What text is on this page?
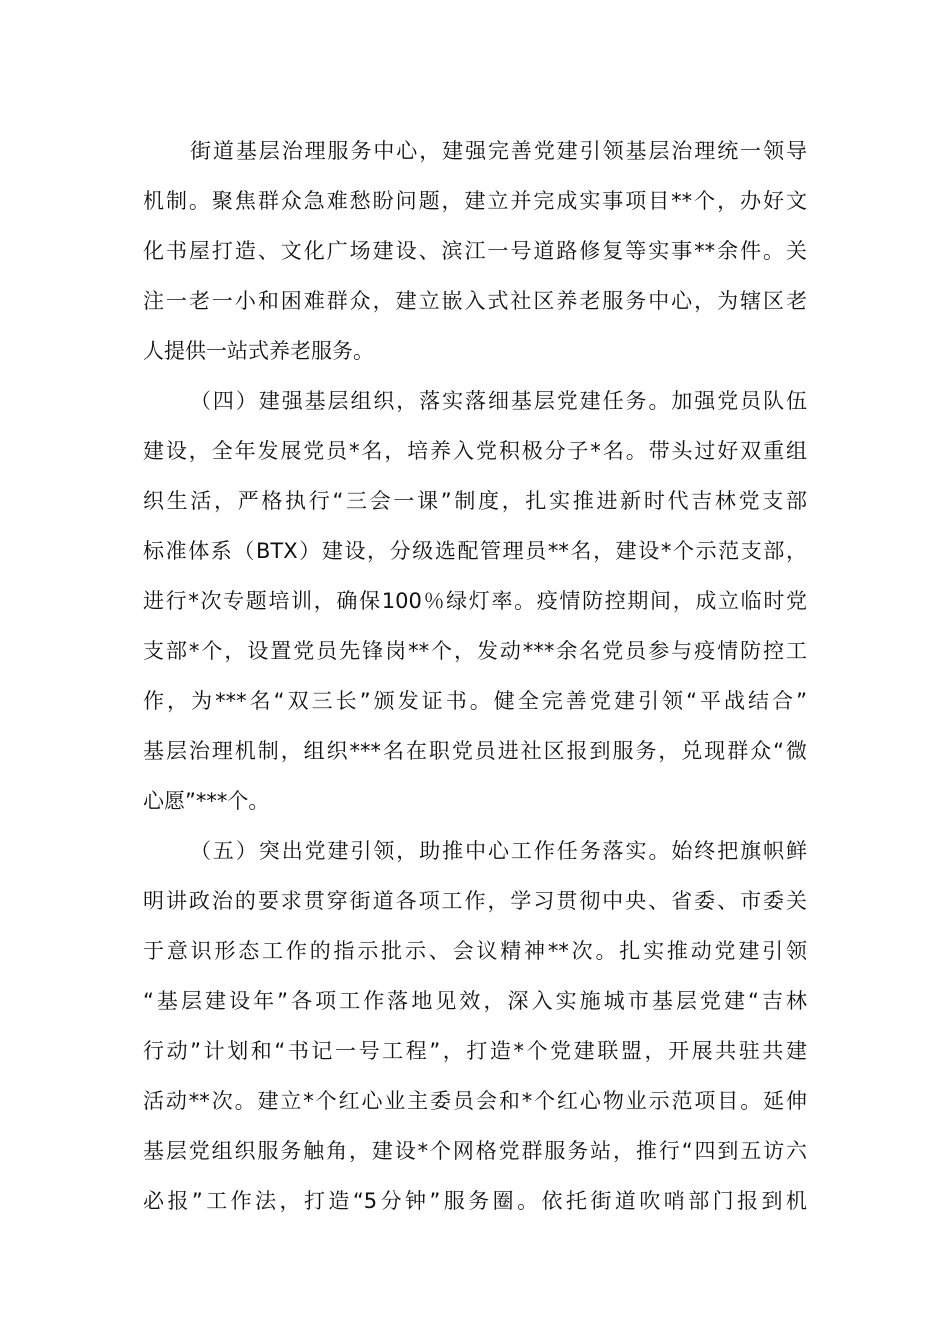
街道基层治理服务中心，建强完善党建引领基层治理统一领导
机制。聚焦群众急难愁盼问题，建立并完成实事项目**个，办好文
化书屋打造、文化广场建设、滨江一号道路修复等实事**余件。关
注一老一小和困难群众，建立嵌入式社区养老服务中心，为辖区老
人提供一站式养老服务。
（四）建强基层组织，落实落细基层党建任务。加强党员队伍
建设，全年发展党员*名，培养入党积极分子*名。带头过好双重组
织生活，严格执行“三会一课”制度，扎实推进新时代吉林党支部
标准体系（BTX）建设，分级选配管理员**名，建设*个示范支部，
进行*次专题培训，确保100％绿灯率。疫情防控期间，成立临时党
支部*个，设置党员先锋岗**个，发动***余名党员参与疫情防控工
作，为***名“双三长”颁发证书。健全完善党建引领“平战结合”
基层治理机制，组织***名在职党员进社区报到服务，兑现群众“微
心愿”***个。
（五）突出党建引领，助推中心工作任务落实。始终把旗帜鲜
明讲政治的要求贯穿街道各项工作，学习贯彻中央、省委、市委关
于意识形态工作的指示批示、会议精神**次。扎实推动党建引领
“基层建设年”各项工作落地见效，深入实施城市基层党建“吉林
行动”计划和“书记一号工程”，打造*个党建联盟，开展共驻共建
活动**次。建立*个红心业主委员会和*个红心物业示范项目。延伸
基层党组织服务触角，建设*个网格党群服务站，推行“四到五访六
必报”工作法，打造“5分钟”服务圈。依托街道吹哨部门报到机
